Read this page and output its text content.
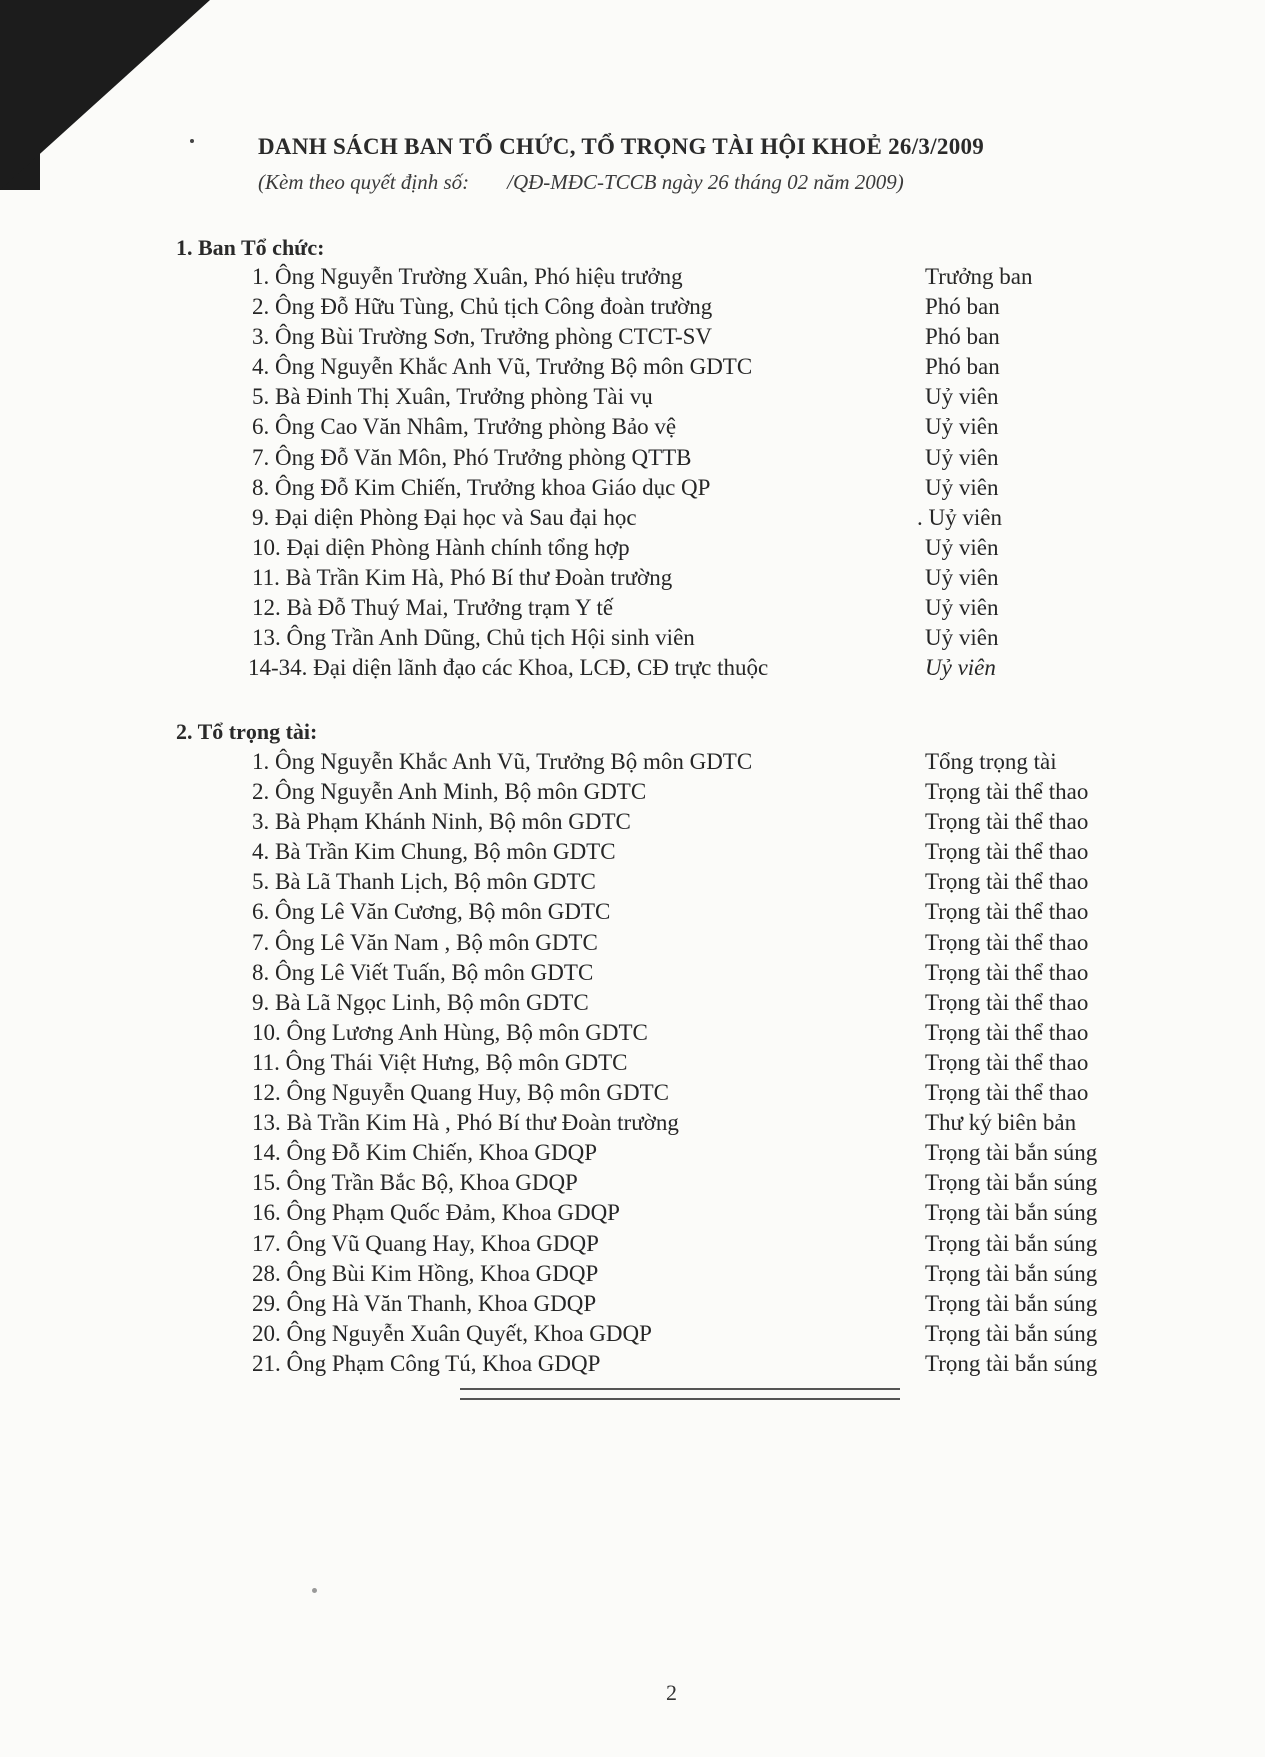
DANH SÁCH BAN TỔ CHỨC, TỔ TRỌNG TÀI HỘI KHOẺ 26/3/2009
(Kèm theo quyết định số: /QĐ-MĐC-TCCB ngày 26 tháng 02 năm 2009)
1. Ban Tổ chức:
1. Ông Nguyễn Trường Xuân, Phó hiệu trưởng	Trưởng ban
2. Ông Đỗ Hữu Tùng, Chủ tịch Công đoàn trường	Phó ban
3. Ông Bùi Trường Sơn, Trưởng phòng CTCT-SV	Phó ban
4. Ông Nguyễn Khắc Anh Vũ, Trưởng Bộ môn GDTC	Phó ban
5. Bà Đinh Thị Xuân, Trưởng phòng Tài vụ	Uỷ viên
6. Ông Cao Văn Nhâm, Trưởng phòng Bảo vệ	Uỷ viên
7. Ông Đỗ Văn Môn, Phó Trưởng phòng QTTB	Uỷ viên
8. Ông Đỗ Kim Chiến, Trưởng khoa Giáo dục QP	Uỷ viên
9. Đại diện Phòng Đại học và Sau đại học	. Uỷ viên
10. Đại diện Phòng Hành chính tổng hợp	Uỷ viên
11. Bà Trần Kim Hà, Phó Bí thư Đoàn trường	Uỷ viên
12. Bà Đỗ Thuý Mai, Trưởng trạm Y tế	Uỷ viên
13. Ông Trần Anh Dũng, Chủ tịch Hội sinh viên	Uỷ viên
14-34. Đại diện lãnh đạo các Khoa, LCĐ, CĐ trực thuộc	Uỷ viên
2. Tổ trọng tài:
1. Ông Nguyễn Khắc Anh Vũ, Trưởng Bộ môn GDTC	Tổng trọng tài
2. Ông Nguyễn Anh Minh, Bộ môn GDTC	Trọng tài thể thao
3. Bà Phạm Khánh Ninh, Bộ môn GDTC	Trọng tài thể thao
4. Bà Trần Kim Chung, Bộ môn GDTC	Trọng tài thể thao
5. Bà Lã Thanh Lịch, Bộ môn GDTC	Trọng tài thể thao
6. Ông Lê Văn Cương, Bộ môn GDTC	Trọng tài thể thao
7. Ông Lê Văn Nam , Bộ môn GDTC	Trọng tài thể thao
8. Ông Lê Viết Tuấn, Bộ môn GDTC	Trọng tài thể thao
9. Bà Lã Ngọc Linh, Bộ môn GDTC	Trọng tài thể thao
10. Ông Lương Anh Hùng, Bộ môn GDTC	Trọng tài thể thao
11. Ông Thái Việt Hưng, Bộ môn GDTC	Trọng tài thể thao
12. Ông Nguyễn Quang Huy, Bộ môn GDTC	Trọng tài thể thao
13. Bà Trần Kim Hà , Phó Bí thư Đoàn trường	Thư ký biên bản
14. Ông Đỗ Kim Chiến, Khoa GDQP	Trọng tài bắn súng
15. Ông Trần Bắc Bộ, Khoa GDQP	Trọng tài bắn súng
16. Ông Phạm Quốc Đảm, Khoa GDQP	Trọng tài bắn súng
17. Ông Vũ Quang Hay, Khoa GDQP	Trọng tài bắn súng
28. Ông Bùi Kim Hồng, Khoa GDQP	Trọng tài bắn súng
29. Ông Hà Văn Thanh, Khoa GDQP	Trọng tài bắn súng
20. Ông Nguyễn Xuân Quyết, Khoa GDQP	Trọng tài bắn súng
21. Ông Phạm Công Tú, Khoa GDQP	Trọng tài bắn súng
2
